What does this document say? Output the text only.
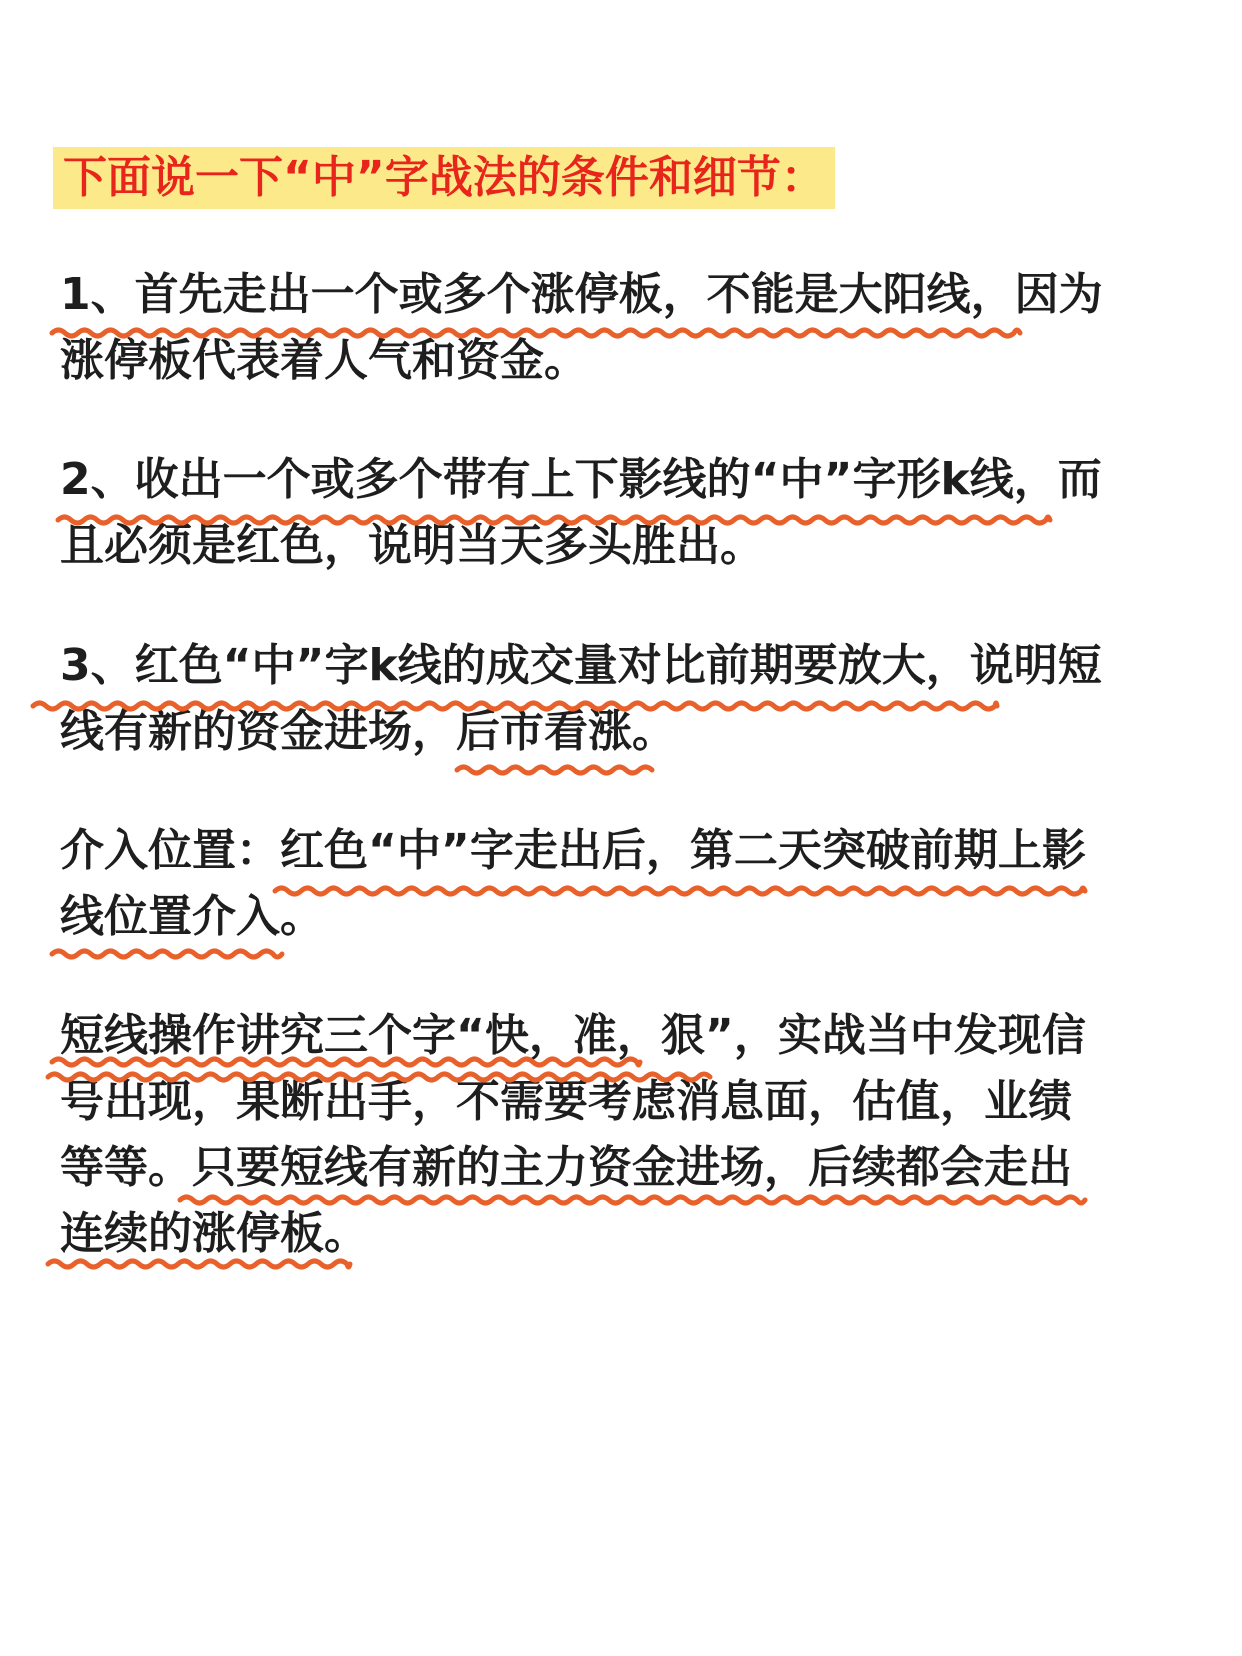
下面说一下“中”字战法的条件和细节：
1、首先走出一个或多个涨停板，不能是大阳线，因为
涨停板代表着人气和资金。
2、收出一个或多个带有上下影线的“中”字形k线，而
且必须是红色，说明当天多头胜出。
3、红色“中”字k线的成交量对比前期要放大，说明短
线有新的资金进场，后市看涨。
介入位置：红色“中”字走出后，第二天突破前期上影
线位置介入。
短线操作讲究三个字“快，准，狠”，实战当中发现信
号出现，果断出手，不需要考虑消息面，估值，业绩
等等。只要短线有新的主力资金进场，后续都会走出
连续的涨停板。
